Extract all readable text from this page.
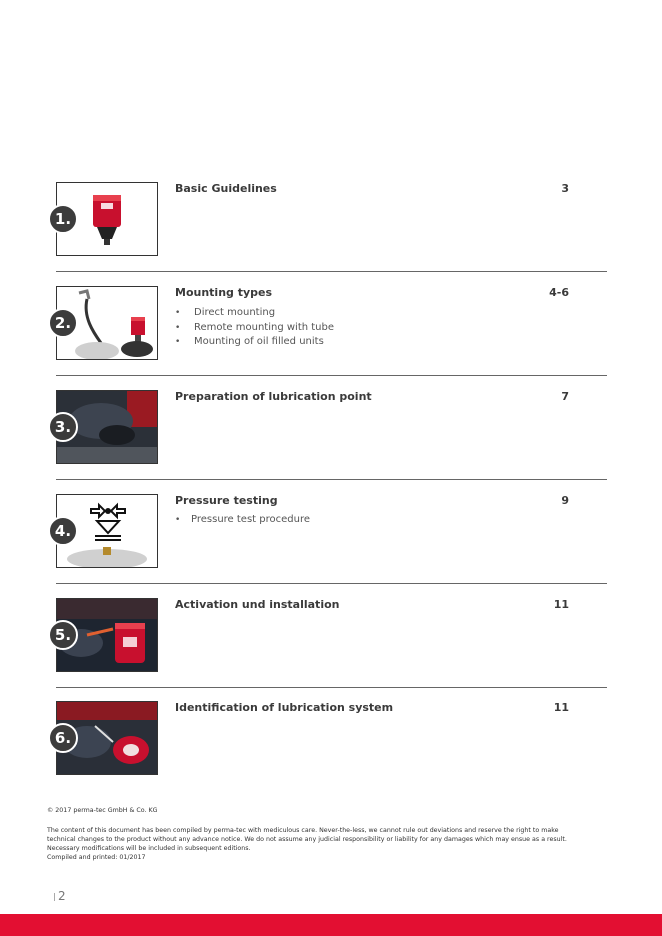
1.
Basic Guidelines	3
2.
Mounting types	4-6
• Direct mounting
• Remote mounting with tube
• Mounting of oil filled units
3.
Preparation of lubrication point	7
4.
Pressure testing	9
• Pressure test procedure
5.
Activation und installation	11
6.
Identification of lubrication system	11
© 2017 perma-tec GmbH & Co. KG
The content of this document has been compiled by perma-tec with mediculous care. Never-the-less, we cannot rule out deviations and reserve the right to make
technical changes to the product without any advance notice. We do not assume any judicial responsibility or liability for any damages which may ensue as a result.
Necessary modifications will be included in subsequent editions.
Compiled and printed: 01/2017
2
